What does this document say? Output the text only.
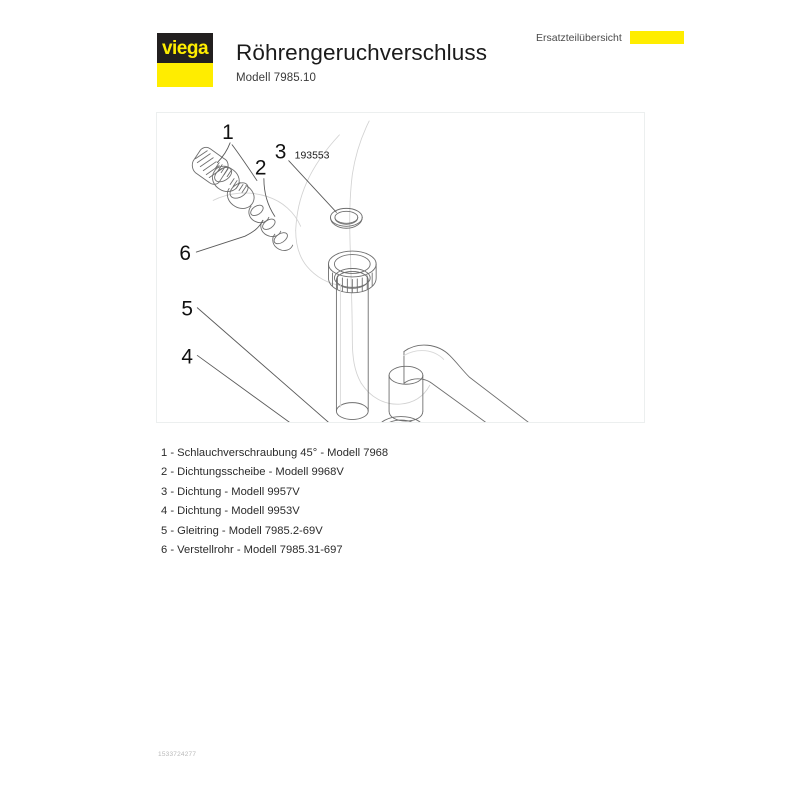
viega Röhrengeruchverschluss
Modell 7985.10
Ersatzteilübersicht
1
2
3
4
5
6
193553
1 - Schlauchverschraubung 45° - Modell 7968
2 - Dichtungsscheibe - Modell 9968V
3 - Dichtung - Modell 9957V
4 - Dichtung - Modell 9953V
5 - Gleitring - Modell 7985.2-69V
6 - Verstellrohr - Modell 7985.31-697
1533724277
